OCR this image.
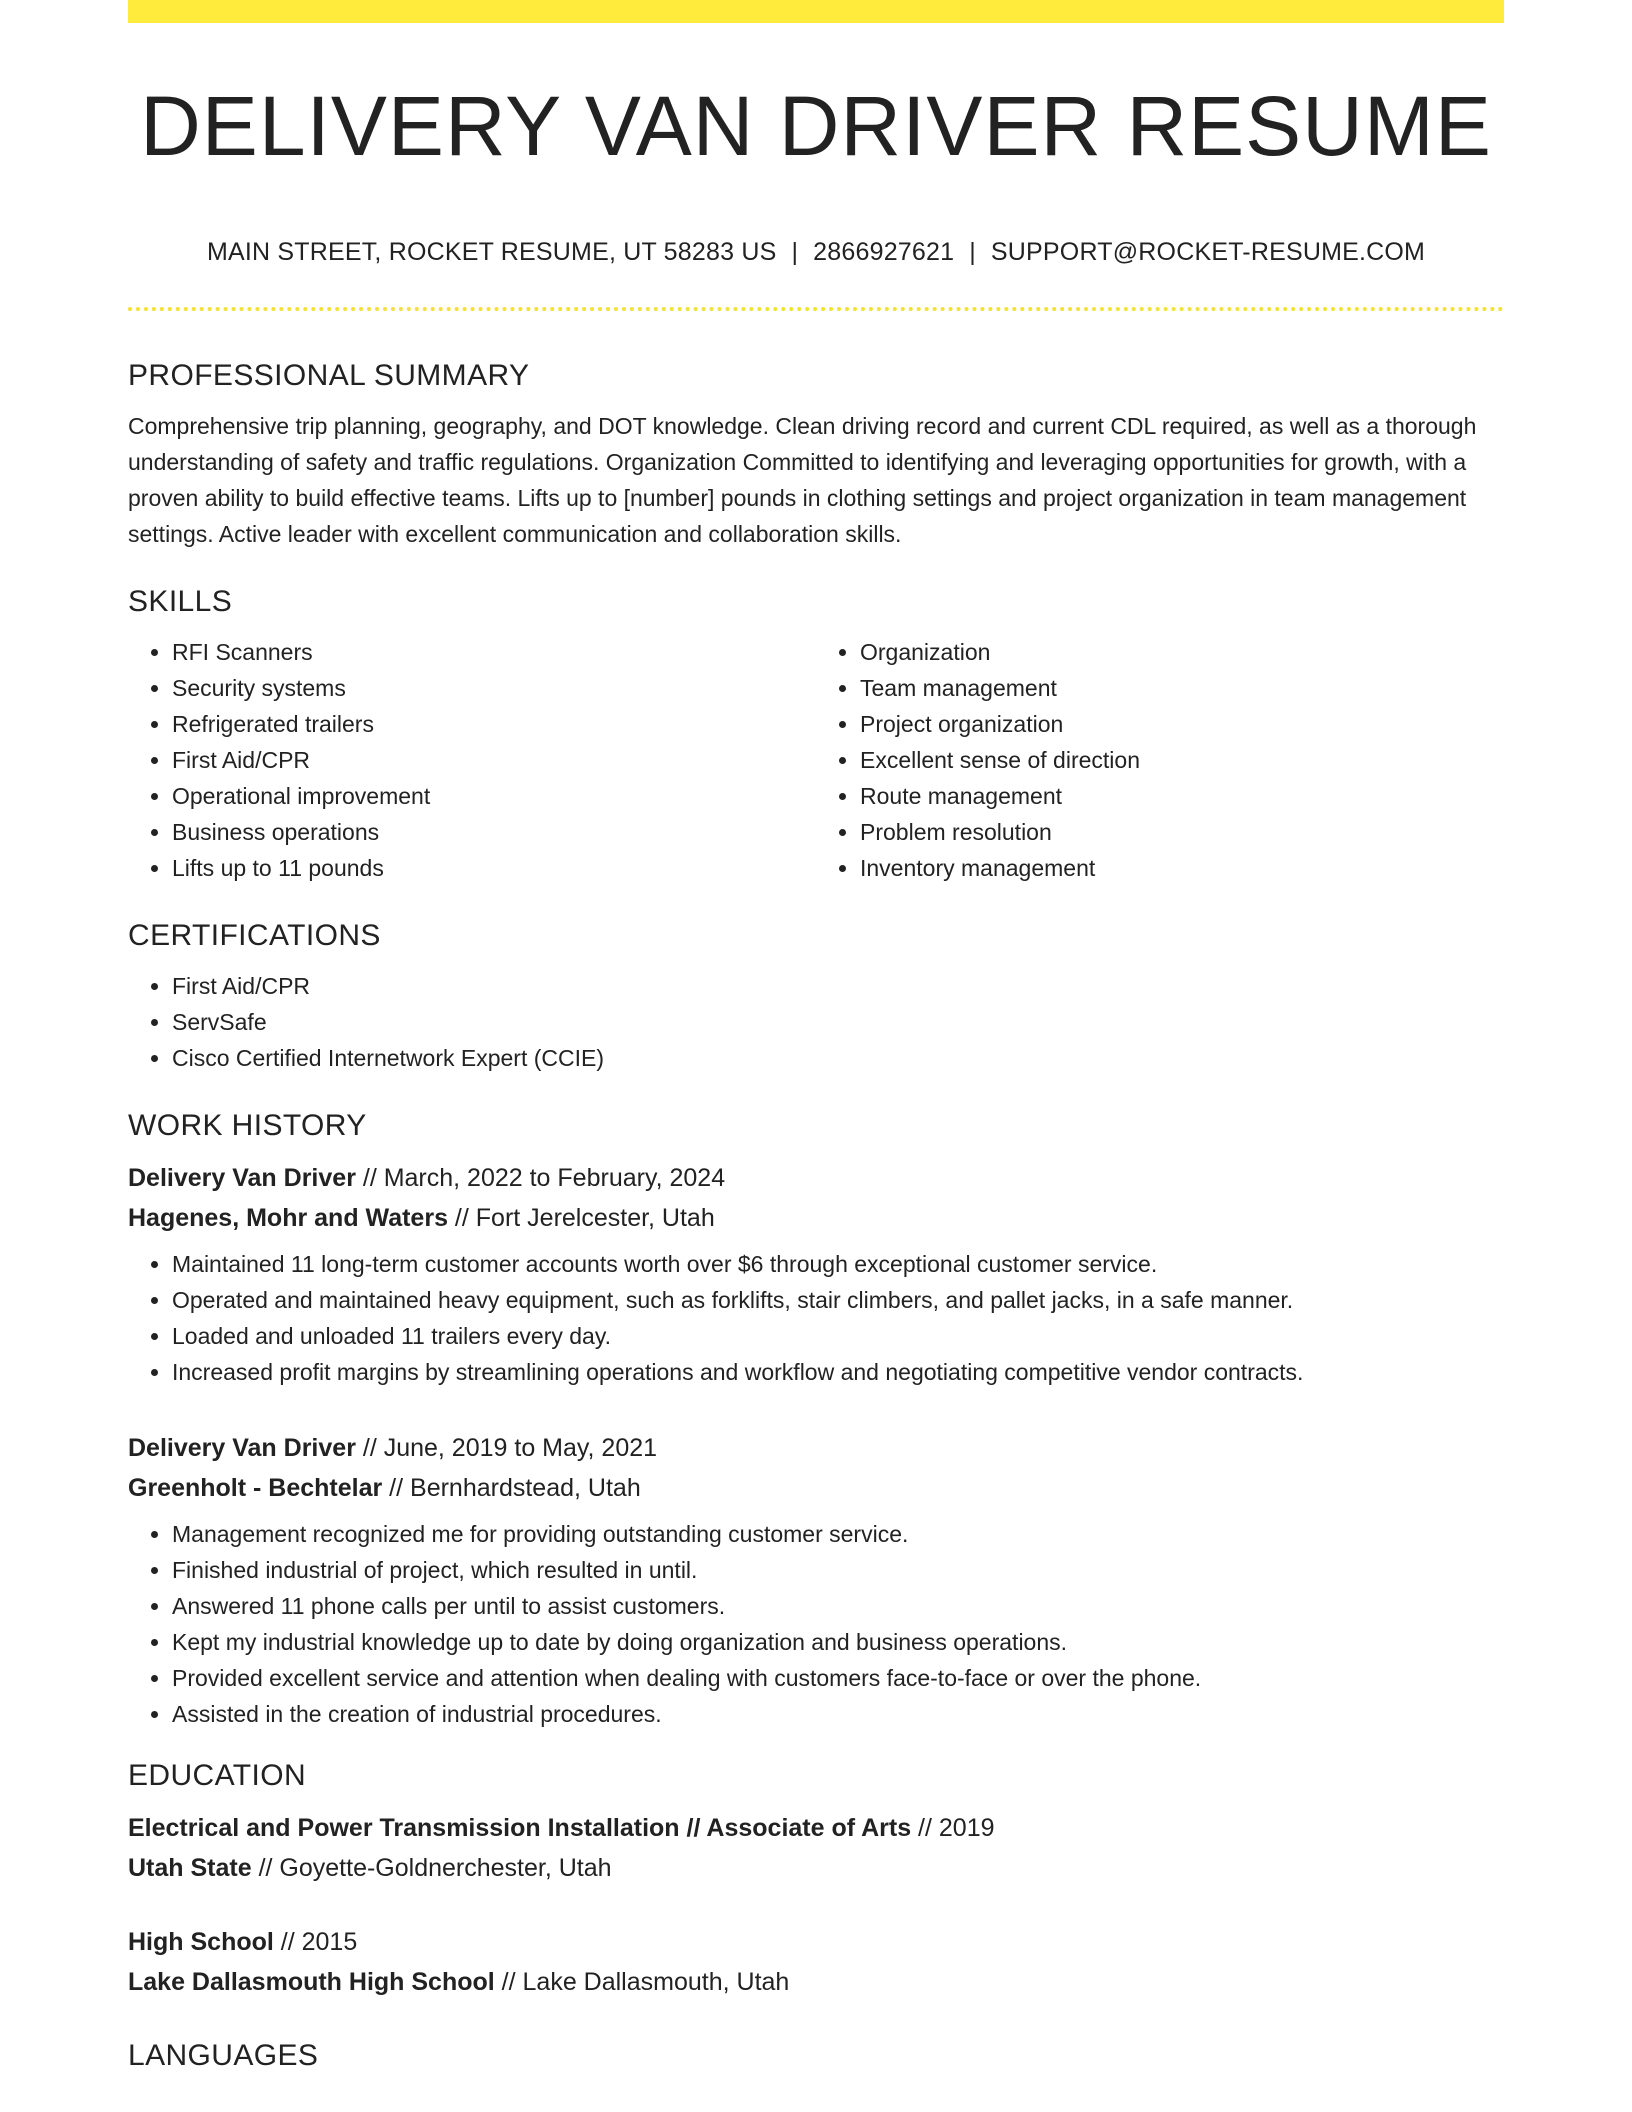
DELIVERY VAN DRIVER RESUME
MAIN STREET, ROCKET RESUME, UT 58283 US | 2866927621 | SUPPORT@ROCKET-RESUME.COM
PROFESSIONAL SUMMARY

Comprehensive trip planning, geography, and DOT knowledge. Clean driving record and current CDL required, as well as a thorough understanding of safety and traffic regulations. Organization Committed to identifying and leveraging opportunities for growth, with a proven ability to build effective teams. Lifts up to [number] pounds in clothing settings and project organization in team management settings. Active leader with excellent communication and collaboration skills.

SKILLS
• RFI Scanners
• Security systems
• Refrigerated trailers
• First Aid/CPR
• Operational improvement
• Business operations
• Lifts up to 11 pounds
• Organization
• Team management
• Project organization
• Excellent sense of direction
• Route management
• Problem resolution
• Inventory management
CERTIFICATIONS
• First Aid/CPR
• ServSafe
• Cisco Certified Internetwork Expert (CCIE)
WORK HISTORY
Delivery Van Driver // March, 2022 to February, 2024
Hagenes, Mohr and Waters // Fort Jerelcester, Utah
• Maintained 11 long-term customer accounts worth over $6 through exceptional customer service.
• Operated and maintained heavy equipment, such as forklifts, stair climbers, and pallet jacks, in a safe manner.
• Loaded and unloaded 11 trailers every day.
• Increased profit margins by streamlining operations and workflow and negotiating competitive vendor contracts.
Delivery Van Driver // June, 2019 to May, 2021
Greenholt - Bechtelar // Bernhardstead, Utah
• Management recognized me for providing outstanding customer service.
• Finished industrial of project, which resulted in until.
• Answered 11 phone calls per until to assist customers.
• Kept my industrial knowledge up to date by doing organization and business operations.
• Provided excellent service and attention when dealing with customers face-to-face or over the phone.
• Assisted in the creation of industrial procedures.
EDUCATION
Electrical and Power Transmission Installation // Associate of Arts // 2019
Utah State // Goyette-Goldnerchester, Utah
High School // 2015
Lake Dallasmouth High School // Lake Dallasmouth, Utah
LANGUAGES
